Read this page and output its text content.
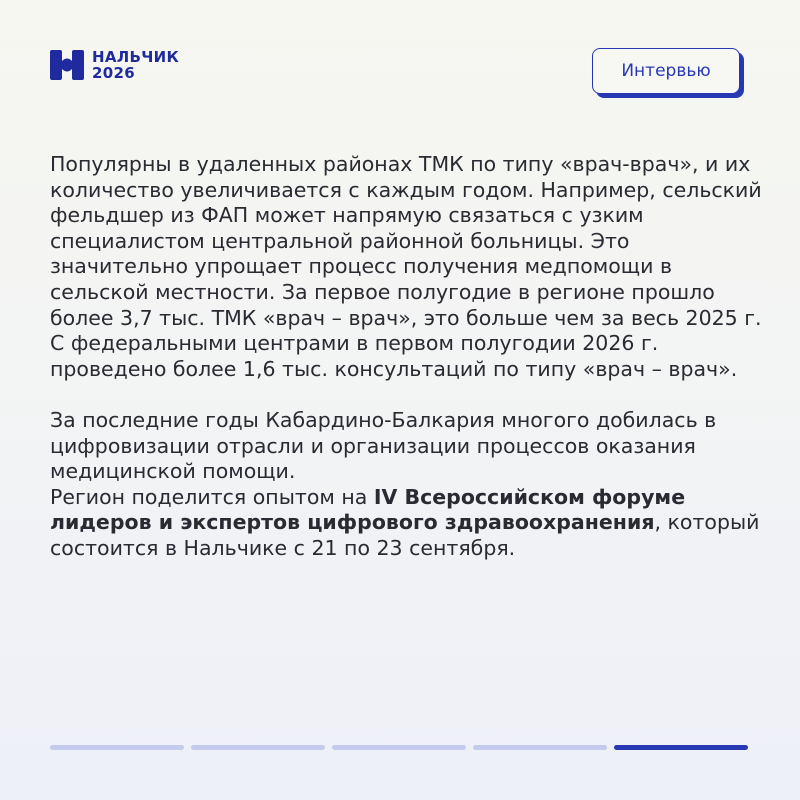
НАЛЬЧИК
2026	Интервью

Популярны в удаленных районах ТМК по типу «врач-врач», и их количество увеличивается с каждым годом. Например, сельский фельдшер из ФАП может напрямую связаться с узким специалистом центральной районной больницы. Это значительно упрощает процесс получения медпомощи в сельской местности. За первое полугодие в регионе прошло более 3,7 тыс. ТМК «врач – врач», это больше чем за весь 2025 г. С федеральными центрами в первом полугодии 2026 г. проведено более 1,6 тыс. консультаций по типу «врач – врач».

За последние годы Кабардино-Балкария многого добилась в цифровизации отрасли и организации процессов оказания медицинской помощи.
Регион поделится опытом на IV Всероссийском форуме лидеров и экспертов цифрового здравоохранения, который состоится в Нальчике с 21 по 23 сентября.
